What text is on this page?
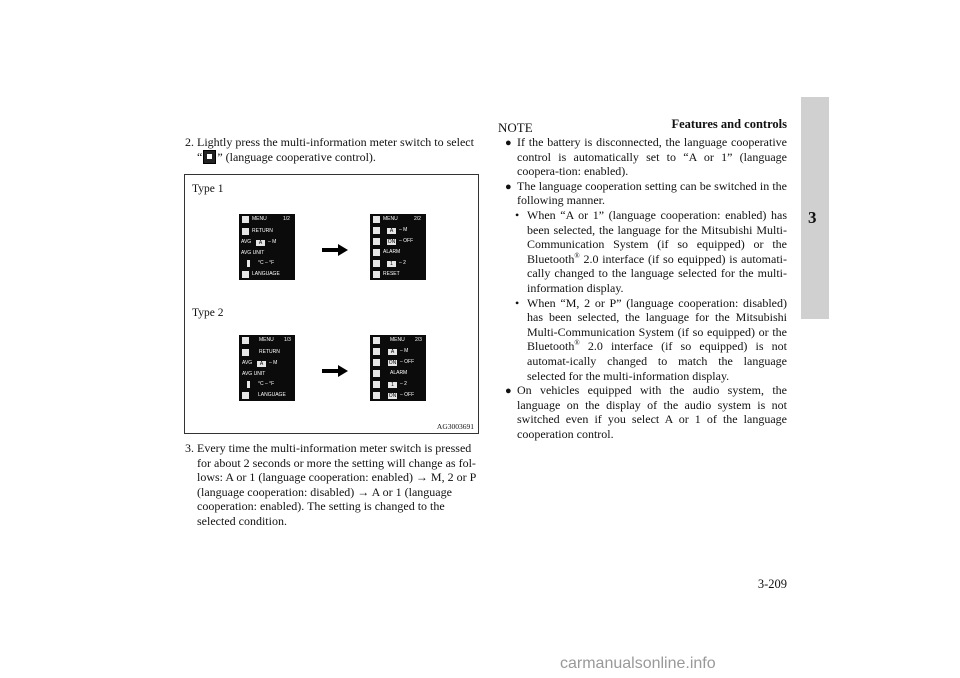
Features and controls
3
2. Lightly press the multi-information meter switch to select
“ ” (language cooperative control).
Type 1
Type 2
MENU	1/2
RETURN
AVG	A	– M
AVG UNIT
°C – °F
LANGUAGE
MENU	2/2
A	– M
ON – OFF
ALARM
1	– 2
RESET
MENU 1/3
RETURN
AVG	A	– M
AVG UNIT
°C – °F
LANGUAGE
MENU 2/3
A	– M
ON – OFF
ALARM
1	– 2
ON – OFF
AG3003691
3. Every time the multi-information meter switch is pressed
for about 2 seconds or more the setting will change as fol-
lows: A or 1 (language cooperation: enabled) → M, 2 or P
(language cooperation: disabled) → A or 1 (language
cooperation: enabled). The setting is changed to the
selected condition.
NOTE

● If the battery is disconnected, the language cooperative control is automatically set to “A or 1” (language coopera-tion: enabled).

● The language cooperation setting can be switched in the following manner.

• When “A or 1” (language cooperation: enabled) has been selected, the language for the Mitsubishi Multi-Communication System (if so equipped) or the Bluetooth® 2.0 interface (if so equipped) is automati-cally changed to the language selected for the multi-information display.

• When “M, 2 or P” (language cooperation: disabled) has been selected, the language for the Mitsubishi Multi-Communication System (if so equipped) or the Bluetooth® 2.0 interface (if so equipped) is not automat-ically changed to match the language selected for the multi-information display.

● On vehicles equipped with the audio system, the language on the display of the audio system is not switched even if you select A or 1 of the language cooperation control.

3-209
carmanualsonline.info
